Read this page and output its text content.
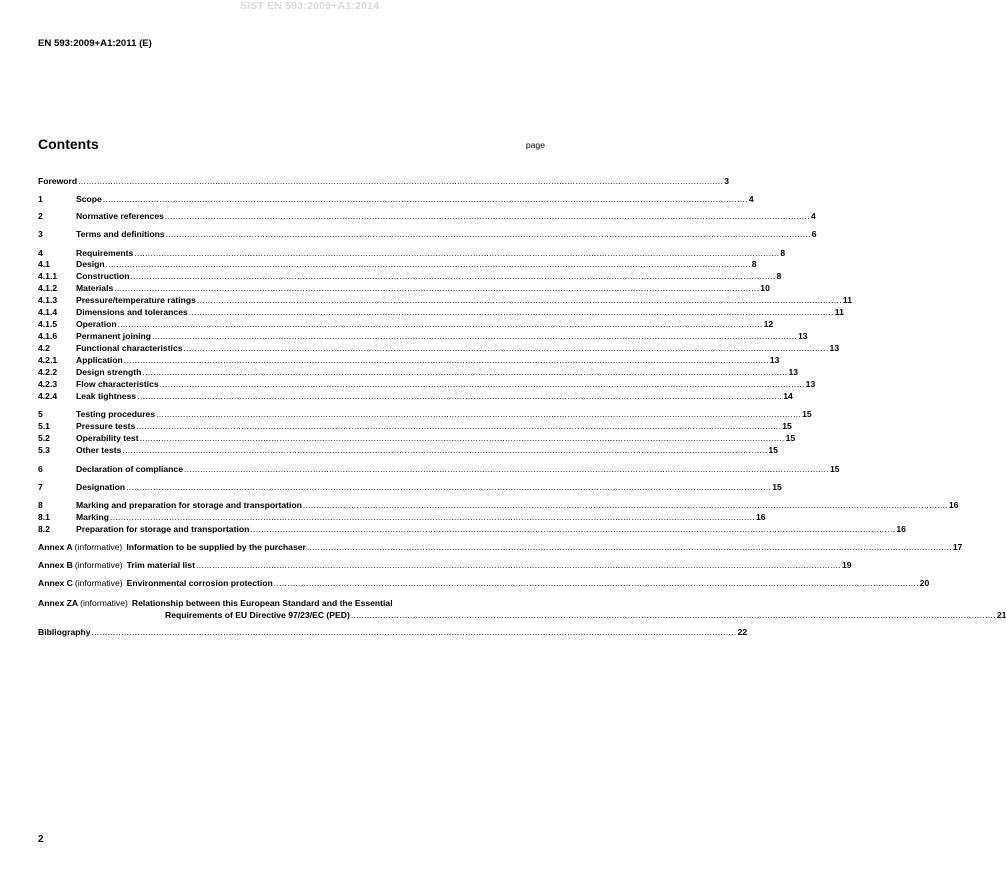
SIST EN 593:2009+A1:2014
EN 593:2009+A1:2011 (E)
Contents	page
Foreword ................................................................................................................................................................................................................................................ 3
1	Scope ................................................................................................................................................................................................................................................ 4
2	Normative references ................................................................................................................................................................................................................................................ 4
3	Terms and definitions ................................................................................................................................................................................................................................................ 6
4	Requirements ................................................................................................................................................................................................................................................ 8
4.1	Design ................................................................................................................................................................................................................................................ 8
4.1.1	Construction ................................................................................................................................................................................................................................................ 8
4.1.2	Materials ................................................................................................................................................................................................................................................ 10
4.1.3	Pressure/temperature ratings ................................................................................................................................................................................................................................................ 11
4.1.4	Dimensions and tolerances ................................................................................................................................................................................................................................................ 11
4.1.5	Operation ................................................................................................................................................................................................................................................ 12
4.1.6	Permanent joining ................................................................................................................................................................................................................................................ 13
4.2	Functional characteristics ................................................................................................................................................................................................................................................ 13
4.2.1	Application ................................................................................................................................................................................................................................................ 13
4.2.2	Design strength ................................................................................................................................................................................................................................................ 13
4.2.3	Flow characteristics ................................................................................................................................................................................................................................................ 13
4.2.4	Leak tightness ................................................................................................................................................................................................................................................ 14
5	Testing procedures ................................................................................................................................................................................................................................................ 15
5.1	Pressure tests ................................................................................................................................................................................................................................................ 15
5.2	Operability test ................................................................................................................................................................................................................................................ 15
5.3	Other tests ................................................................................................................................................................................................................................................ 15
6	Declaration of compliance ................................................................................................................................................................................................................................................ 15
7	Designation ................................................................................................................................................................................................................................................ 15
8	Marking and preparation for storage and transportation ................................................................................................................................................................................................................................................ 16
8.1	Marking ................................................................................................................................................................................................................................................ 16
8.2	Preparation for storage and transportation ................................................................................................................................................................................................................................................ 16
Annex A (informative) Information to be supplied by the purchaser ................................................................................................................................................................................................................................................ 17
Annex B (informative) Trim material list ................................................................................................................................................................................................................................................ 19
Annex C (informative) Environmental corrosion protection ................................................................................................................................................................................................................................................ 20
Annex ZA (informative) Relationship between this European Standard and the Essential
Requirements of EU Directive 97/23/EC (PED) ................................................................................................................................................................................................................................................ 21
Bibliography ................................................................................................................................................................................................................................................ 22
2
